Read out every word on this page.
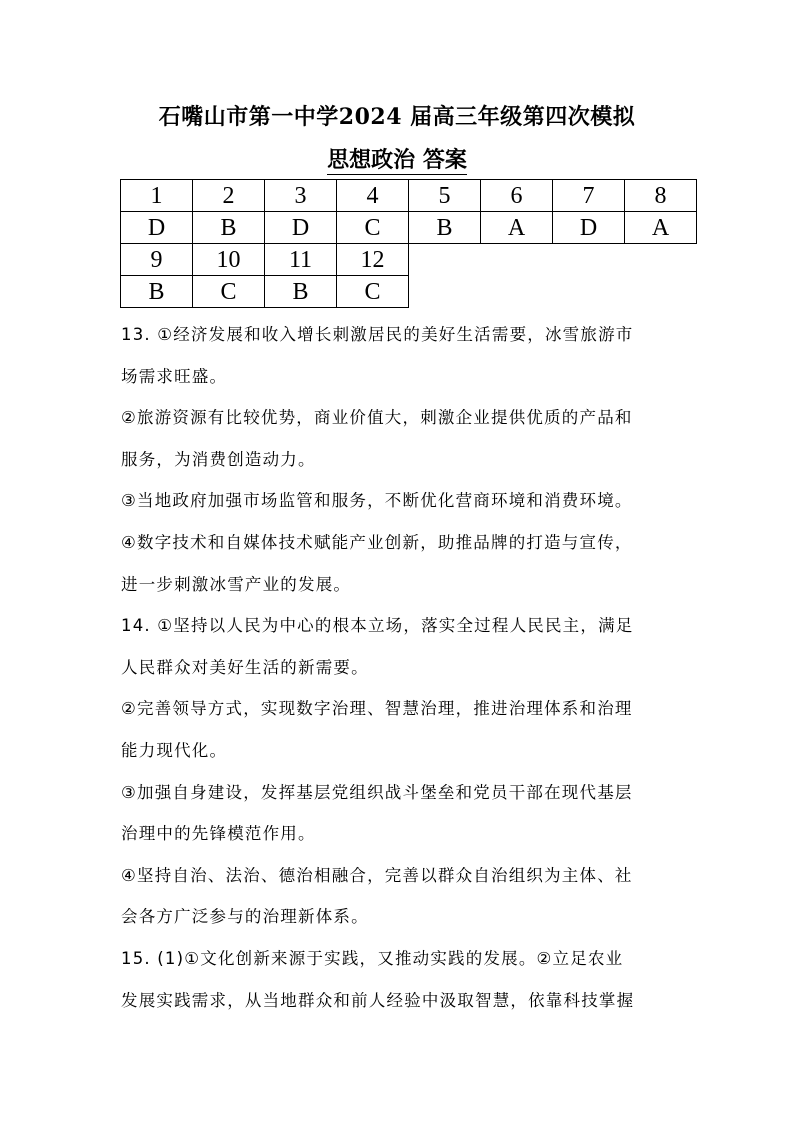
石嘴山市第一中学2024 届高三年级第四次模拟
思想政治 答案
1	2	3	4	5	6	7	8
D	B	D	C	B	A	D	A
9	10	11	12
B	C	B	C

13. ①经济发展和收入增长刺激居民的美好生活需要，冰雪旅游市

场需求旺盛。

②旅游资源有比较优势，商业价值大，刺激企业提供优质的产品和

服务，为消费创造动力。

③当地政府加强市场监管和服务，不断优化营商环境和消费环境。

④数字技术和自媒体技术赋能产业创新，助推品牌的打造与宣传，

进一步刺激冰雪产业的发展。

14. ①坚持以人民为中心的根本立场，落实全过程人民民主，满足

人民群众对美好生活的新需要。

②完善领导方式，实现数字治理、智慧治理，推进治理体系和治理

能力现代化。

③加强自身建设，发挥基层党组织战斗堡垒和党员干部在现代基层

治理中的先锋模范作用。

④坚持自治、法治、德治相融合，完善以群众自治组织为主体、社

会各方广泛参与的治理新体系。

15. (1)①文化创新来源于实践，又推动实践的发展。②立足农业

发展实践需求，从当地群众和前人经验中汲取智慧，依靠科技掌握
